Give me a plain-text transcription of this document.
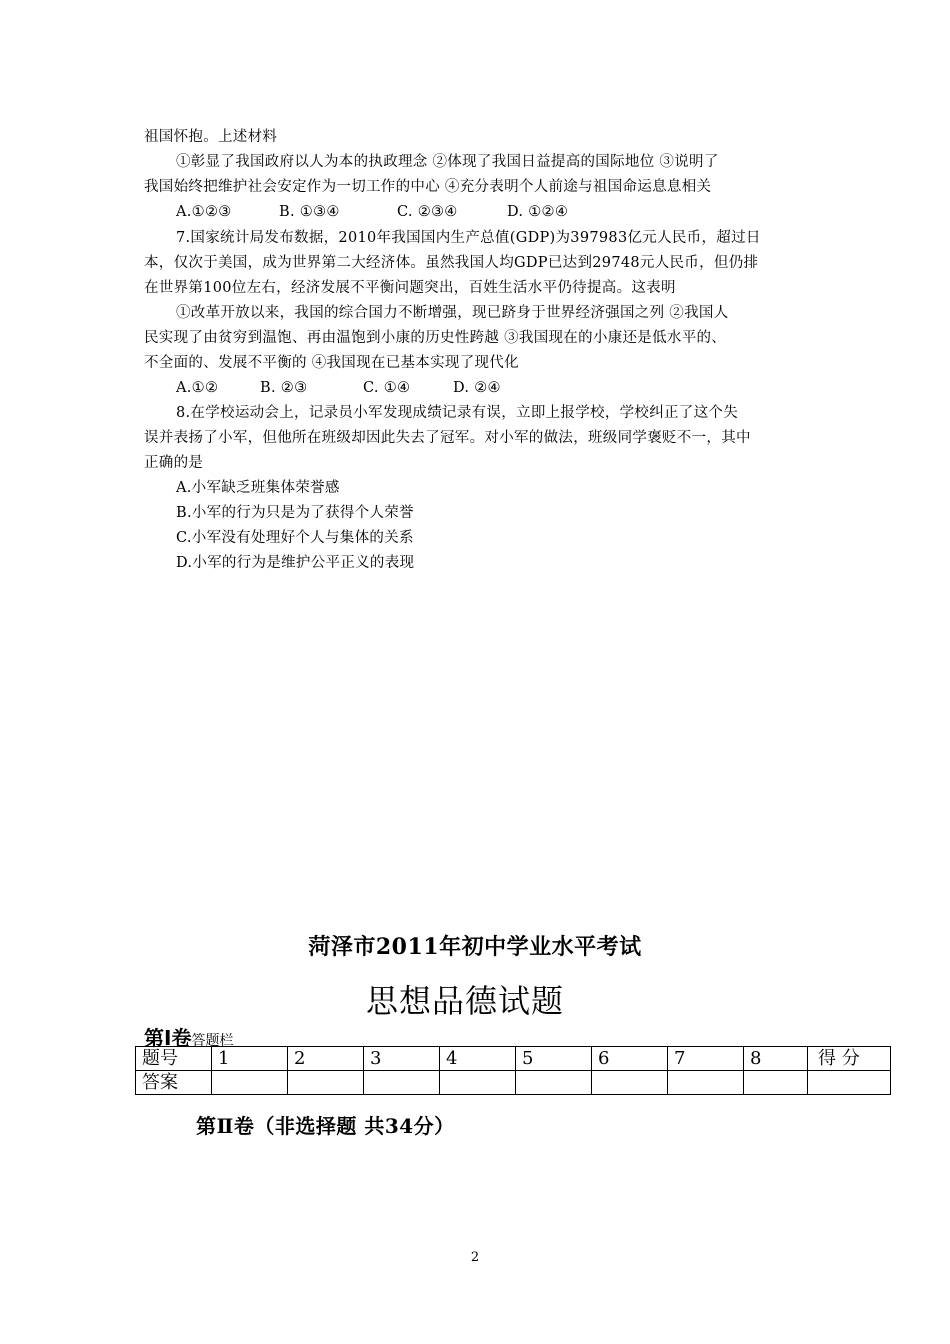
祖国怀抱。上述材料
①彰显了我国政府以人为本的执政理念 ②体现了我国日益提高的国际地位 ③说明了
我国始终把维护社会安定作为一切工作的中心 ④充分表明个人前途与祖国命运息息相关
A.①②③	B. ①③④	C. ②③④	D. ①②④
7.国家统计局发布数据，2010年我国国内生产总值(GDP)为397983亿元人民币，超过日
本，仅次于美国，成为世界第二大经济体。虽然我国人均GDP已达到29748元人民币，但仍排
在世界第100位左右，经济发展不平衡问题突出，百姓生活水平仍待提高。这表明
①改革开放以来，我国的综合国力不断增强，现已跻身于世界经济强国之列 ②我国人
民实现了由贫穷到温饱、再由温饱到小康的历史性跨越 ③我国现在的小康还是低水平的、
不全面的、发展不平衡的 ④我国现在已基本实现了现代化
A.①②	B. ②③	C. ①④	D. ②④
8.在学校运动会上，记录员小军发现成绩记录有误，立即上报学校，学校纠正了这个失
误并表扬了小军，但他所在班级却因此失去了冠军。对小军的做法，班级同学褒贬不一，其中
正确的是
A.小军缺乏班集体荣誉感
B.小军的行为只是为了获得个人荣誉
C.小军没有处理好个人与集体的关系
D.小军的行为是维护公平正义的表现
菏泽市2011年初中学业水平考试
思想品德试题
第Ⅰ卷答题栏
题号	1	2	3	4	5	6	7	8	得 分
答案									
第Ⅱ卷（非选择题 共34分）
2
